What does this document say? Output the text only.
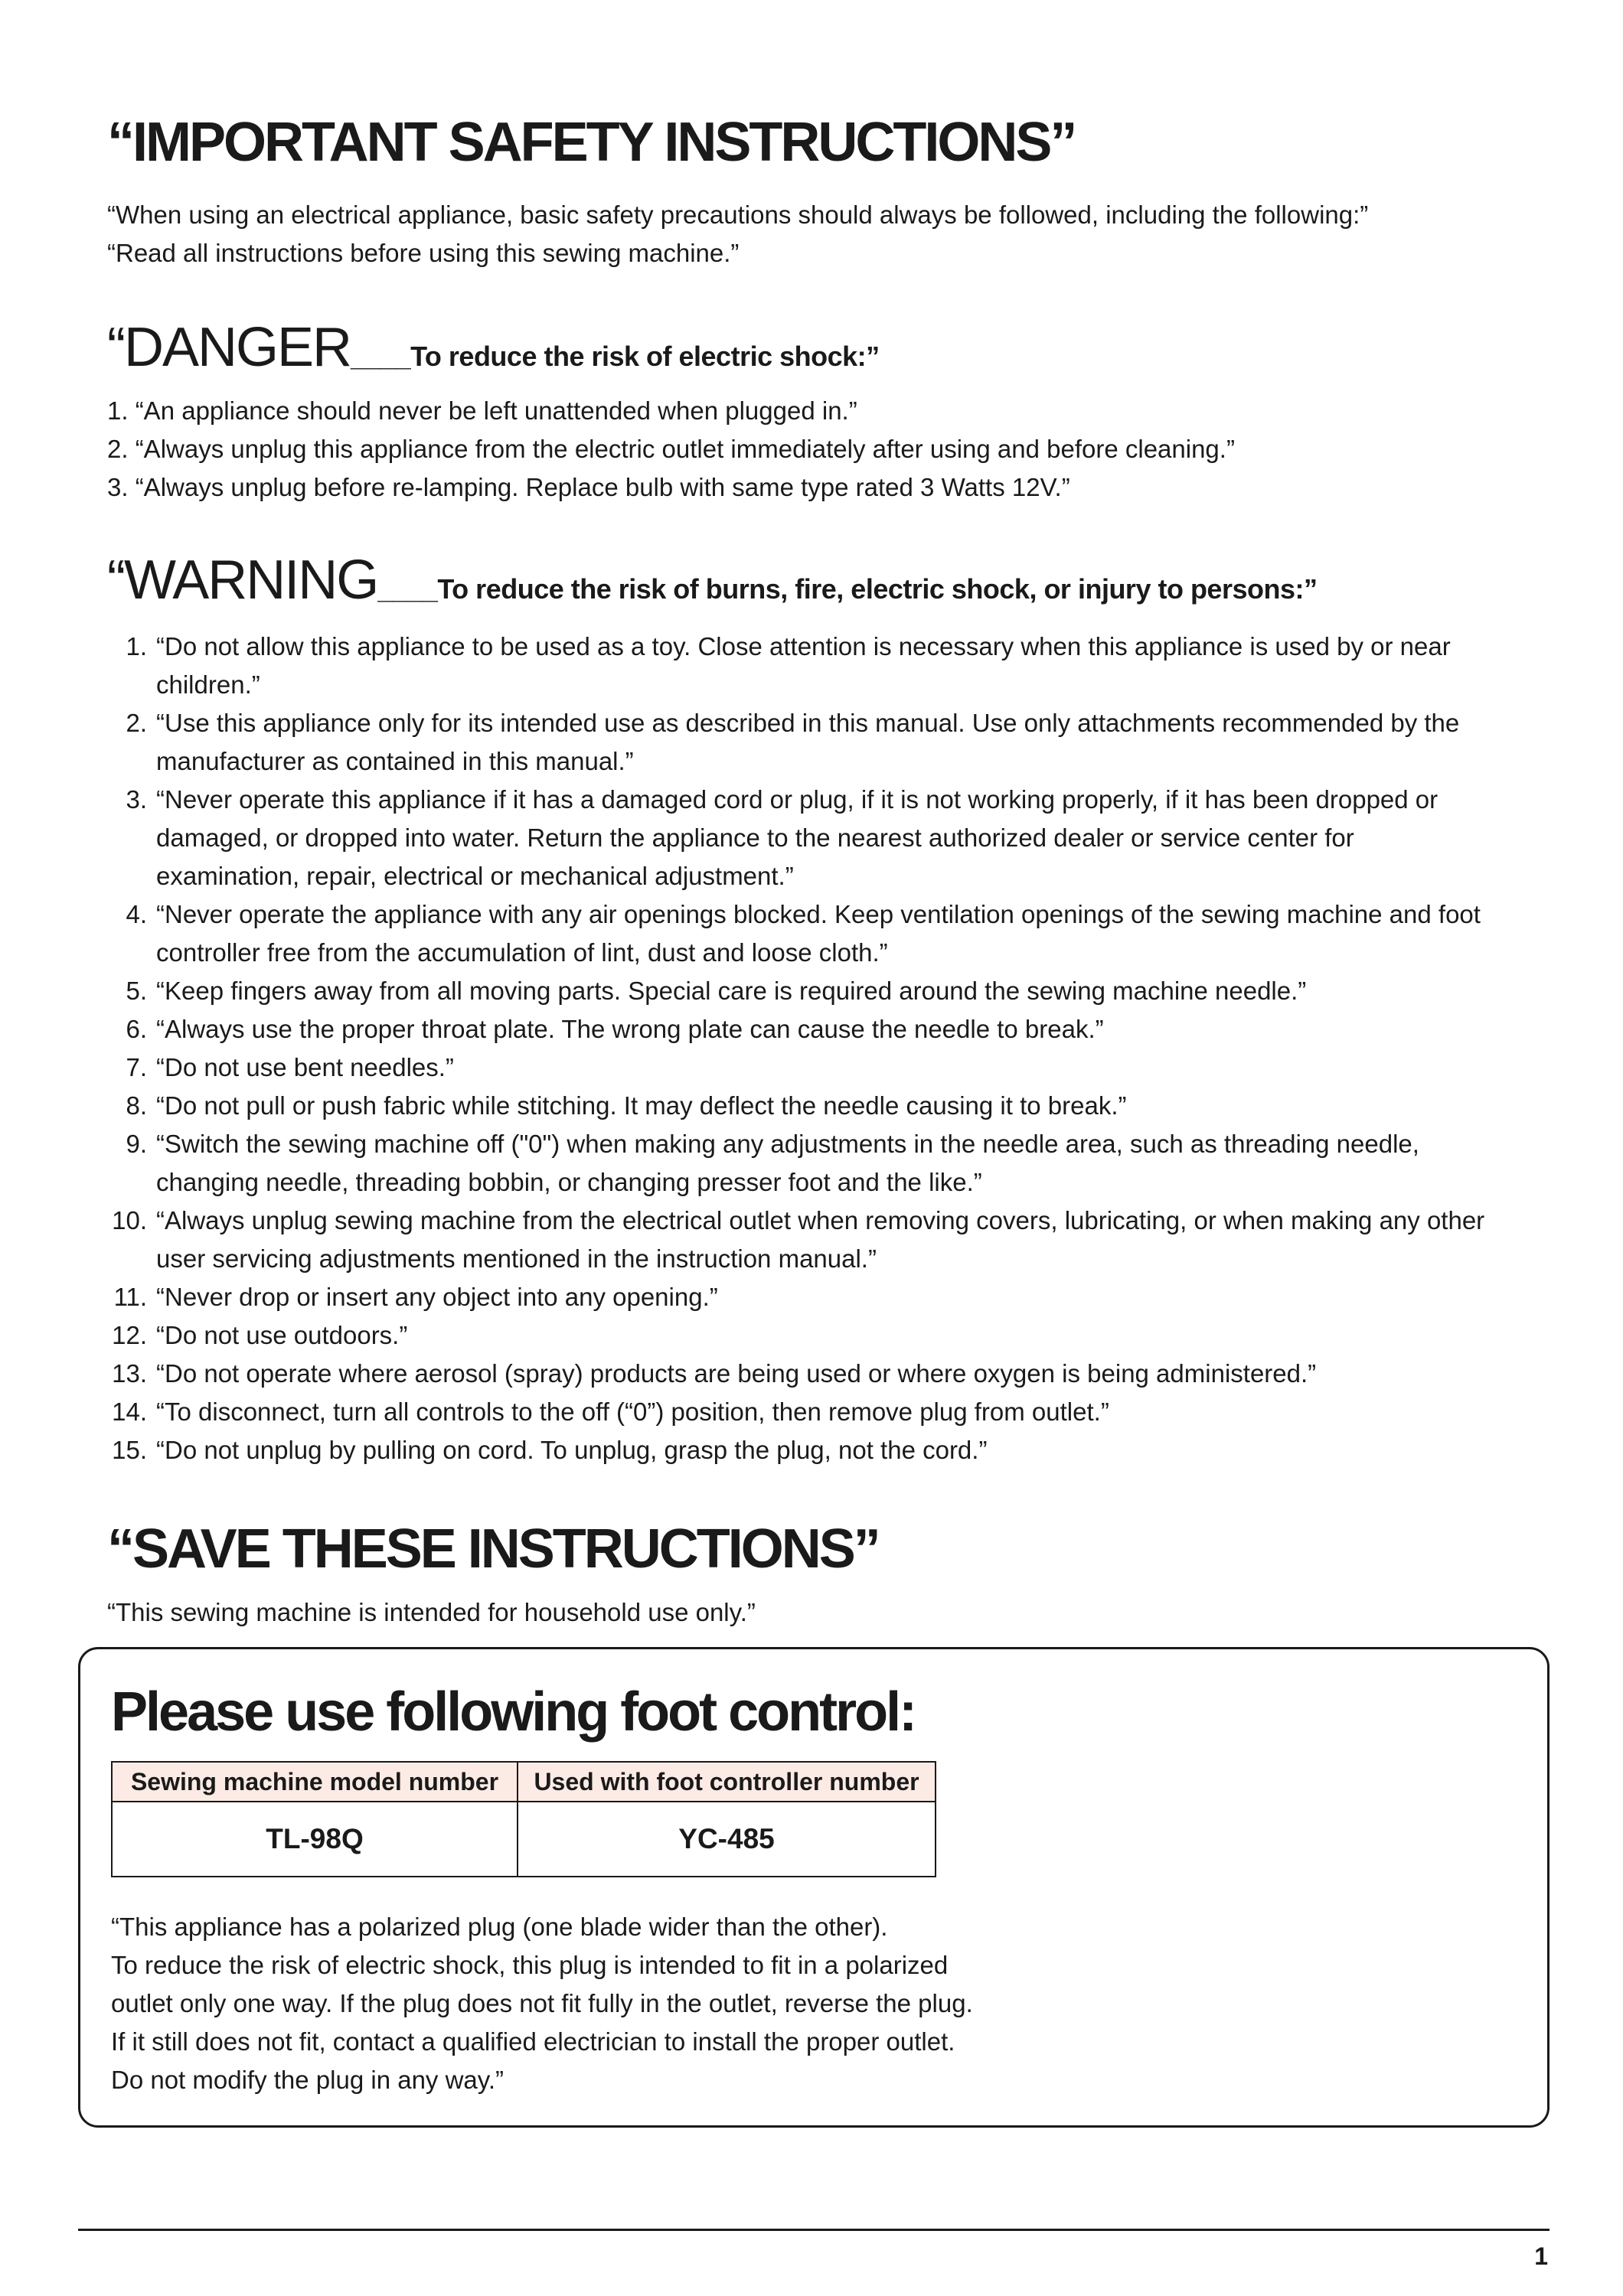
“IMPORTANT SAFETY INSTRUCTIONS”

“When using an electrical appliance, basic safety precautions should always be followed, including the following:”

“Read all instructions before using this sewing machine.”

“DANGER____To reduce the risk of electric shock:”
1. “An appliance should never be left unattended when plugged in.”
2. “Always unplug this appliance from the electric outlet immediately after using and before cleaning.”
3. “Always unplug before re-lamping. Replace bulb with same type rated 3 Watts 12V.”
“WARNING____To reduce the risk of burns, fire, electric shock, or injury to persons:”
1. “Do not allow this appliance to be used as a toy. Close attention is necessary when this appliance is used by or near children.”
2. “Use this appliance only for its intended use as described in this manual. Use only attachments recommended by the manufacturer as contained in this manual.”
3. “Never operate this appliance if it has a damaged cord or plug, if it is not working properly, if it has been dropped or damaged, or dropped into water. Return the appliance to the nearest authorized dealer or service center for examination, repair, electrical or mechanical adjustment.”
4. “Never operate the appliance with any air openings blocked. Keep ventilation openings of the sewing machine and foot controller free from the accumulation of lint, dust and loose cloth.”
5. “Keep fingers away from all moving parts. Special care is required around the sewing machine needle.”
6. “Always use the proper throat plate. The wrong plate can cause the needle to break.”
7. “Do not use bent needles.”
8. “Do not pull or push fabric while stitching. It may deflect the needle causing it to break.”
9. “Switch the sewing machine off ("0") when making any adjustments in the needle area, such as threading needle, changing needle, threading bobbin, or changing presser foot and the like.”
10. “Always unplug sewing machine from the electrical outlet when removing covers, lubricating, or when making any other user servicing adjustments mentioned in the instruction manual.”
11. “Never drop or insert any object into any opening.”
12. “Do not use outdoors.”
13. “Do not operate where aerosol (spray) products are being used or where oxygen is being administered.”
14. “To disconnect, turn all controls to the off (“0”) position, then remove plug from outlet.”
15. “Do not unplug by pulling on cord. To unplug, grasp the plug, not the cord.”
“SAVE THESE INSTRUCTIONS”

“This sewing machine is intended for household use only.”

Please use following foot control:
Sewing machine model number	Used with foot controller number
TL-98Q	YC-485

“This appliance has a polarized plug (one blade wider than the other).
To reduce the risk of electric shock, this plug is intended to fit in a polarized
outlet only one way. If the plug does not fit fully in the outlet, reverse the plug.
If it still does not fit, contact a qualified electrician to install the proper outlet.
Do not modify the plug in any way.”

1
